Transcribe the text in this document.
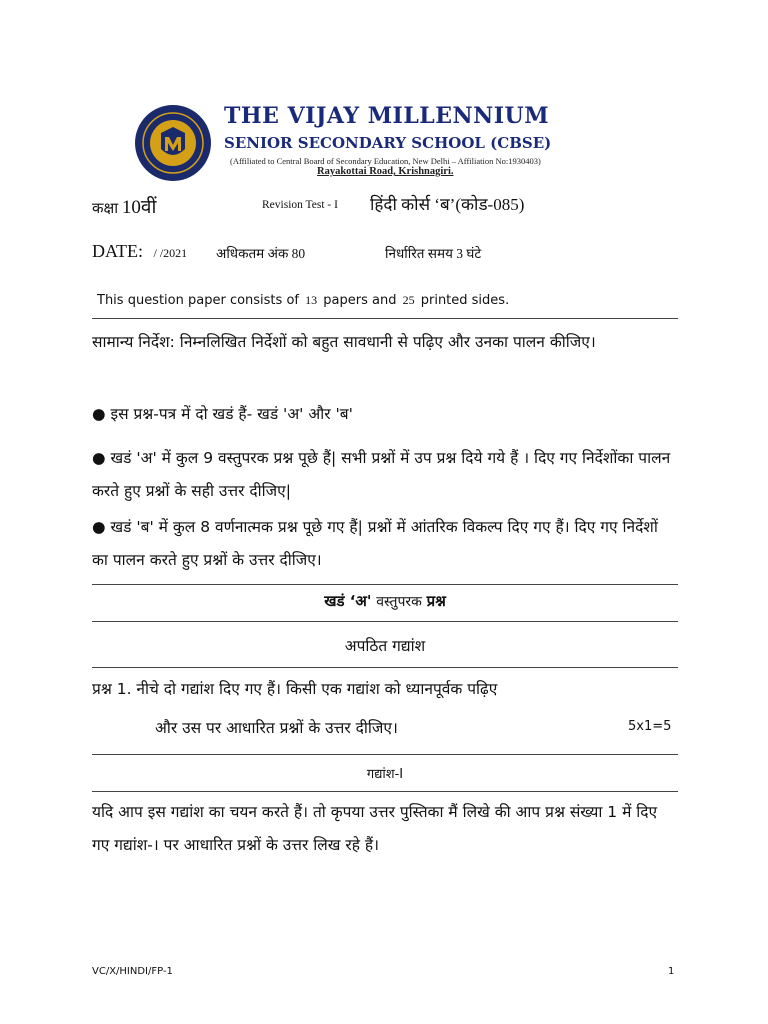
THE VIJAY MILLENNIUM
SENIOR SECONDARY SCHOOL (CBSE)
(Affiliated to Central Board of Secondary Education, New Delhi – Affiliation No:1930403)
Rayakottai Road, Krishnagiri.
कक्षा 10वीं	Revision Test - I हिंदी कोर्स ‘ब’(कोड-085)
DATE: / /2021 अधिकतम अंक 80	निर्धारित समय 3 घंटे
This question paper consists of 13 papers and 25 printed sides.
सामान्य निर्देश: निम्नलिखित निर्देशों को बहुत सावधानी से पढ़िए और उनका पालन कीजिए।
● इस प्रश्न-पत्र में दो खडं हैं- खडं 'अ' और 'ब'
● खडं 'अ' में कुल 9 वस्तुपरक प्रश्न पूछे हैं| सभी प्रश्नों में उप प्रश्न दिये गये हैं । दिए गए निर्देशोंका पालन करते हुए प्रश्नों के सही उत्तर दीजिए|
● खडं 'ब' में कुल 8 वर्णनात्मक प्रश्न पूछे गए हैं| प्रश्नों में आंतरिक विकल्प दिए गए हैं। दिए गए निर्देशों का पालन करते हुए प्रश्नों के उत्तर दीजिए।
खडं ‘अ' वस्तुपरक प्रश्न
अपठित गद्यांश
प्रश्न 1. नीचे दो गद्यांश दिए गए हैं। किसी एक गद्यांश को ध्यानपूर्वक पढ़िए
और उस पर आधारित प्रश्नों के उत्तर दीजिए।	5x1=5
गद्यांश-I
यदि आप इस गद्यांश का चयन करते हैं। तो कृपया उत्तर पुस्तिका मैं लिखे की आप प्रश्न संख्या 1 में दिए गए गद्यांश-। पर आधारित प्रश्नों के उत्तर लिख रहे हैं।
VC/X/HINDI/FP-1	1
